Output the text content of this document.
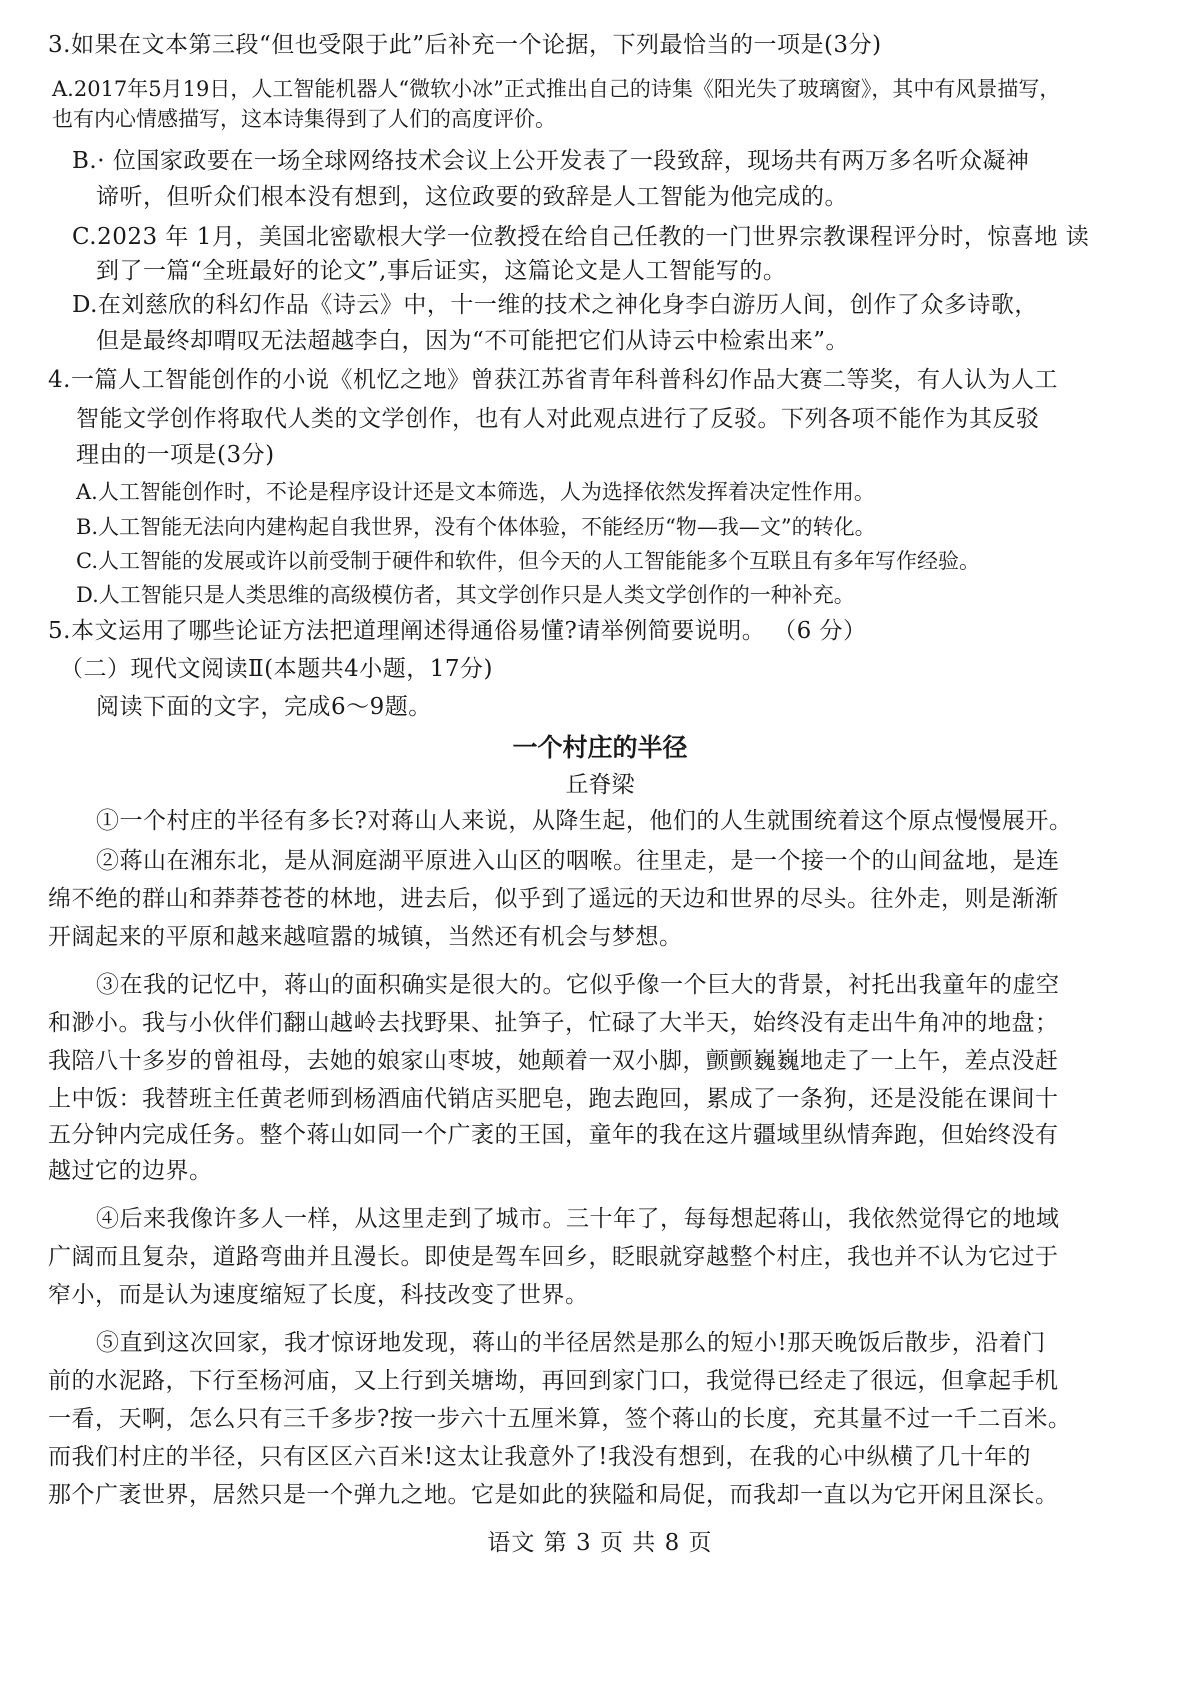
3.如果在文本第三段“但也受限于此”后补充一个论据，下列最恰当的一项是(3分)
A.2017年5月19日，人工智能机器人“微软小冰”正式推出自己的诗集《阳光失了玻璃窗》，其中有风景描写，
也有内心情感描写，这本诗集得到了人们的高度评价。
B.· 位国家政要在一场全球网络技术会议上公开发表了一段致辞，现场共有两万多名听众凝神
谛听，但听众们根本没有想到，这位政要的致辞是人工智能为他完成的。
C.2023 年 1月，美国北密歇根大学一位教授在给自己任教的一门世界宗教课程评分时，惊喜地 读
到了一篇“全班最好的论文”,事后证实，这篇论文是人工智能写的。
D.在刘慈欣的科幻作品《诗云》中，十一维的技术之神化身李白游历人间，创作了众多诗歌，
但是最终却喟叹无法超越李白，因为“不可能把它们从诗云中检索出来”。
4.一篇人工智能创作的小说《机忆之地》曾获江苏省青年科普科幻作品大赛二等奖，有人认为人工
智能文学创作将取代人类的文学创作，也有人对此观点进行了反驳。下列各项不能作为其反驳
理由的一项是(3分)
A.人工智能创作时，不论是程序设计还是文本筛选，人为选择依然发挥着决定性作用。
B.人工智能无法向内建构起自我世界，没有个体体验，不能经历“物—我—文”的转化。
C.人工智能的发展或许以前受制于硬件和软件，但今天的人工智能能多个互联且有多年写作经验。
D.人工智能只是人类思维的高级模仿者，其文学创作只是人类文学创作的一种补充。
5.本文运用了哪些论证方法把道理阐述得通俗易懂?请举例简要说明。 （6 分）
（二）现代文阅读Ⅱ(本题共4小题，17分)
阅读下面的文字，完成6～9题。
一个村庄的半径
丘脊梁
①一个村庄的半径有多长?对蒋山人来说，从降生起，他们的人生就围统着这个原点慢慢展开。
②蒋山在湘东北，是从洞庭湖平原进入山区的咽喉。往里走，是一个接一个的山间盆地，是连
绵不绝的群山和莽莽苍苍的林地，进去后，似乎到了遥远的天边和世界的尽头。往外走，则是渐渐
开阔起来的平原和越来越喧嚣的城镇，当然还有机会与梦想。
③在我的记忆中，蒋山的面积确实是很大的。它似乎像一个巨大的背景，衬托出我童年的虚空
和渺小。我与小伙伴们翻山越岭去找野果、扯笋子，忙碌了大半天，始终没有走出牛角冲的地盘；
我陪八十多岁的曾祖母，去她的娘家山枣坡，她颠着一双小脚，颤颤巍巍地走了一上午，差点没赶
上中饭：我替班主任黄老师到杨酒庙代销店买肥皂，跑去跑回，累成了一条狗，还是没能在课间十
五分钟内完成任务。整个蒋山如同一个广袤的王国，童年的我在这片疆域里纵情奔跑，但始终没有
越过它的边界。
④后来我像许多人一样，从这里走到了城市。三十年了，每每想起蒋山，我依然觉得它的地域
广阔而且复杂，道路弯曲并且漫长。即使是驾车回乡，眨眼就穿越整个村庄，我也并不认为它过于
窄小，而是认为速度缩短了长度，科技改变了世界。
⑤直到这次回家，我才惊讶地发现，蒋山的半径居然是那么的短小!那天晚饭后散步，沿着门
前的水泥路，下行至杨河庙，又上行到关塘坳，再回到家门口，我觉得已经走了很远，但拿起手机
一看，天啊，怎么只有三千多步?按一步六十五厘米算，签个蒋山的长度，充其量不过一千二百米。
而我们村庄的半径，只有区区六百米!这太让我意外了!我没有想到，在我的心中纵横了几十年的
那个广袤世界，居然只是一个弹九之地。它是如此的狭隘和局促，而我却一直以为它开闲且深长。
语文 第 3 页 共 8 页
